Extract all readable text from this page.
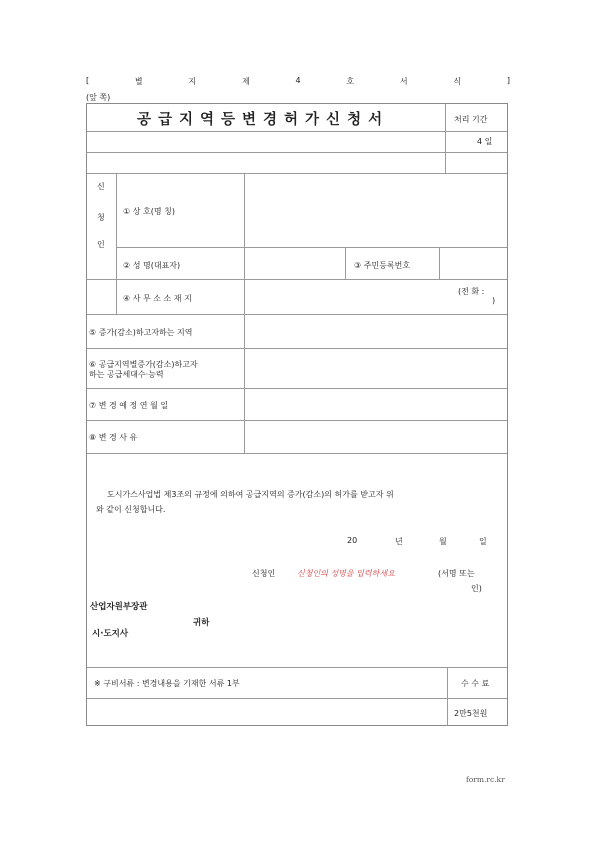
[	별	지	제	4	호	서	식	]
(앞 쪽)
공급지역등변경허가신청서	처리 기간
4 일
신
청
인
① 상 호(명 칭)
② 성 명(대표자)	③ 주민등록번호
④ 사 무 소 소 재 지
(전 화 :
)
⑤ 증가(감소)하고자하는 지역
⑥ 공급지역별증가(감소)하고자
하는 공급세대수·능력
⑦ 변 경 예 정 연 월 일
⑧ 변 경 사 유
도시가스사업법 제3조의 규정에 의하여 공급지역의 증가(감소)의 허가를 받고자 위
와 같이 신청합니다.
20	년	월	일
신청인	신청인의 성명을 입력하세요	(서명 또는
인)
산업자원부장관
귀하
시·도지사
※ 구비서류 : 변경내용을 기재한 서류 1부	수 수 료
2만5천원
form.rc.kr
